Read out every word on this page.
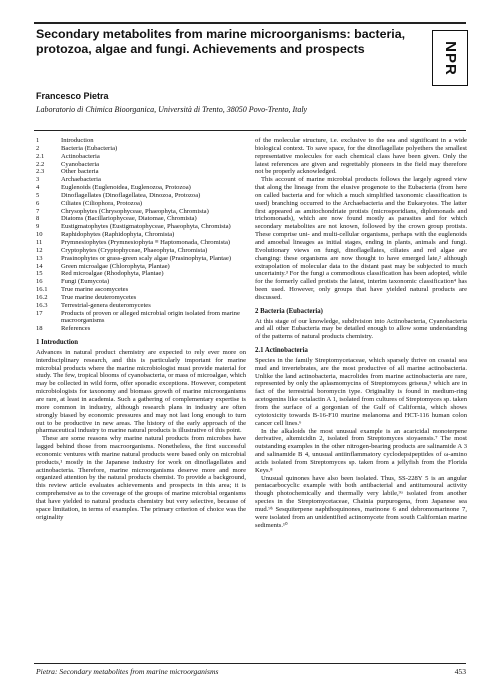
Secondary metabolites from marine microorganisms: bacteria, protozoa, algae and fungi. Achievements and prospects	NPR
Francesco Pietra
Laboratorio di Chimica Bioorganica, Università di Trento, 38050 Povo-Trento, Italy
1	Introduction
2	Bacteria (Eubacteria)
2.1	Actinobacteria
2.2	Cyanobacteria
2.3	Other bacteria
3	Archaebacteria
4	Euglenoids (Euglenoidea, Euglenozoa, Protozoa)
5	Dinoflagellates (Dinoflagellatea, Dinozoa, Protozoa)
6	Ciliates (Ciliophora, Protozoa)
7	Chrysophytes (Chrysophyceae, Phaeophyta, Chromista)
8	Diatoms (Bacillariophyceae, Diatomae, Chromista)
9	Eustigmatophytes (Eustigmatophyceae, Phaeophyta, Chromista)
10	Raphidophytes (Raphidophyta, Chromista)
11	Prymnesiophytes (Prymnesiophyta ≡ Haptomonada, Chromista)
12	Cryptophytes (Cryptophyceae, Phaeophyta, Chromista)
13	Prasinophytes or grass-green scaly algae (Prasinophyta, Plantae)
14	Green microalgae (Chlorophyta, Plantae)
15	Red microalgae (Rhodophyta, Plantae)
16	Fungi (Eumycota)
16.1	True marine ascomycetes
16.2	True marine deuteromycetes
16.3	Terrestrial-genera deuteromycetes
17	Products of proven or alleged microbial origin isolated from marine macroorganisms
18	References
1 Introduction

Advances in natural product chemistry are expected to rely ever more on interdisciplinary research, and this is particularly important for marine microbial products where the marine microbiologist must provide material for study. The few, tropical blooms of cyanobacteria, or mass of microalgae, which may be collected in wild form, offer sporadic exceptions. However, competent microbiologists for taxonomy and biomass growth of marine microorganisms are rare, at least in academia. Such a gathering of complementary expertise is more common in industry, although research plans in industry are often strongly biased by economic pressures and may not last long enough to turn out to be productive in new areas. The history of the early approach of the pharmaceutical industry to marine natural products is illustrative of this point.

These are some reasons why marine natural products from microbes have lagged behind those from macroorganisms. Nonetheless, the first successful economic ventures with marine natural products were based only on microbial products,¹ mostly in the Japanese industry for work on dinoflagellates and actinobacteria. Therefore, marine microorganisms deserve more and more organized attention by the natural products chemist. To provide a background, this review article evaluates achievements and prospects in this area; it is comprehensive as to the coverage of the groups of marine microbial organisms that have yielded to natural products chemistry but very selective, because of space limitation, in terms of examples. The primary criterion of choice was the originality

of the molecular structure, i.e. exclusive to the sea and significant in a wide biological context. To save space, for the dinoflagellate polyethers the smallest representative molecules for each chemical class have been given. Only the latest references are given and regrettably pioneers in the field may therefore not be properly acknowledged.

This account of marine microbial products follows the largely agreed view that along the lineage from the elusive progenote to the Eubacteria (from here on called bacteria and for which a much simplified taxonomic classification is used) branching occurred to the Archaebacteria and the Eukaryotes. The latter first appeared as amitochondriate protists (microsporidians, diplomonads and trichomonads), which are now found mostly as parasites and for which secondary metabolites are not known, followed by the crown group protists. These comprise uni- and multi-cellular organisms, perhaps with the euglenoids and amoebal lineages as initial stages, ending in plants, animals and fungi. Evolutionary views on fungi, dinoflagellates, ciliates and red algae are changing: these organisms are now thought to have emerged late,² although extrapolation of molecular data to the distant past may be subjected to much uncertainty.³ For the fungi a commodious classification has been adopted, while for the formerly called protists the latest, interim taxonomic classification⁴ has been used. However, only groups that have yielded natural products are discussed.

2 Bacteria (Eubacteria)

At this stage of our knowledge, subdivision into Actinobacteria, Cyanobacteria and all other Eubacteria may be detailed enough to allow some understanding of the patterns of natural products chemistry.

2.1 Actinobacteria

Species in the family Streptomycetaceae, which sparsely thrive on coastal sea mud and invertebrates, are the most productive of all marine actinobacteria. Unlike the land actinobacteria, macrolides from marine actinobacteria are rare, represented by only the aplasmomycins of Streptomyces griseus,⁵ which are in fact of the terrestrial boromycin type. Originality is found in medium-ring acetogenins like octalactin A 1, isolated from cultures of Streptomyces sp. taken from the surface of a gorgonian of the Gulf of California, which shows cytotoxicity towards B-16-F10 murine melanoma and HCT-116 human colon cancer cell lines.⁶

In the alkaloids the most unusual example is an acaricidal monoterpene derivative, altemicidin 2, isolated from Streptomyces sioyaensis.⁷ The most outstanding examples in the other nitrogen-bearing products are salinamide A 3 and salinamide B 4, unusual antiinflammatory cyclodepsipeptides of ω-amino acids isolated from Streptomyces sp. taken from a jellyfish from the Florida Keys.⁸

Unusual quinones have also been isolated. Thus, SS-228Y 5 is an angular pentacarbocyclic example with both antibacterial and antitumoural activity though photochemically and thermally very labile,⁹ᵃ isolated from another species in the Streptomycetaceae, Chainia purpurogena, from Japanese sea mud.⁹ᵇ Sesquiterpene naphthoquinones, marinone 6 and debromomarinone 7, were isolated from an unidentified actinomycete from south Californian marine sediments.¹⁰

Pietra: Secondary metabolites from marine microorganisms	453
